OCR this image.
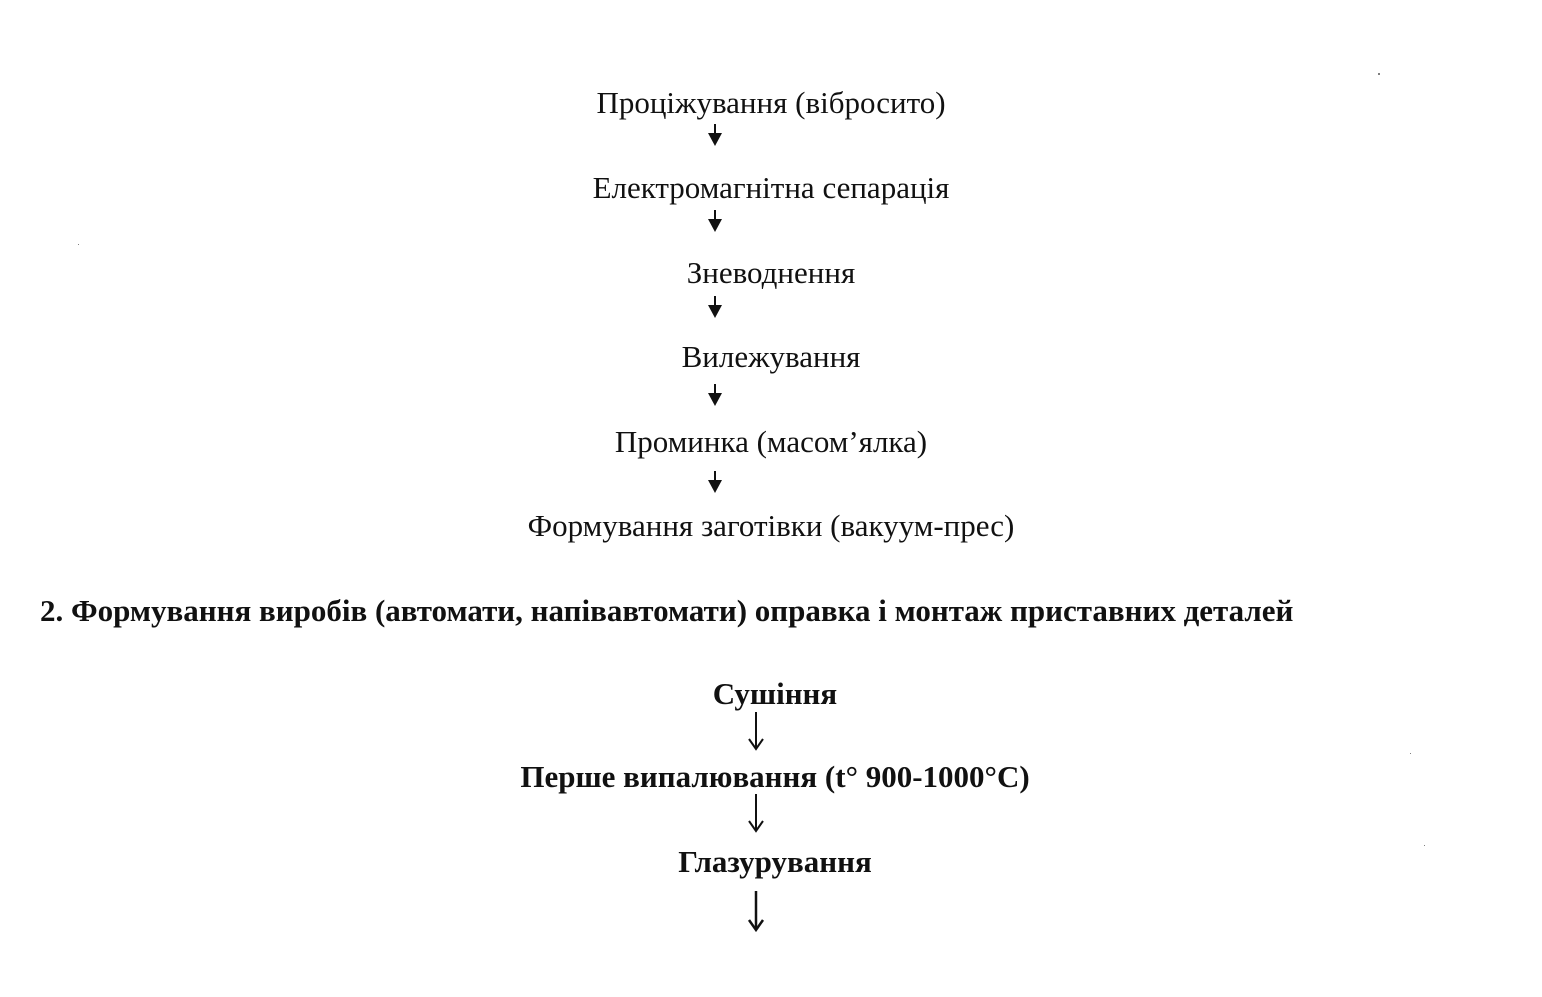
Проціжування (вібросито)
Електромагнітна сепарація
Зневоднення
Вилежування
Проминка (масом’ялка)
Формування заготівки (вакуум-прес)
2. Формування виробів (автомати, напівавтомати) оправка і монтаж приставних деталей
Сушіння
Перше випалювання (t° 900-1000°C)
Глазурування
